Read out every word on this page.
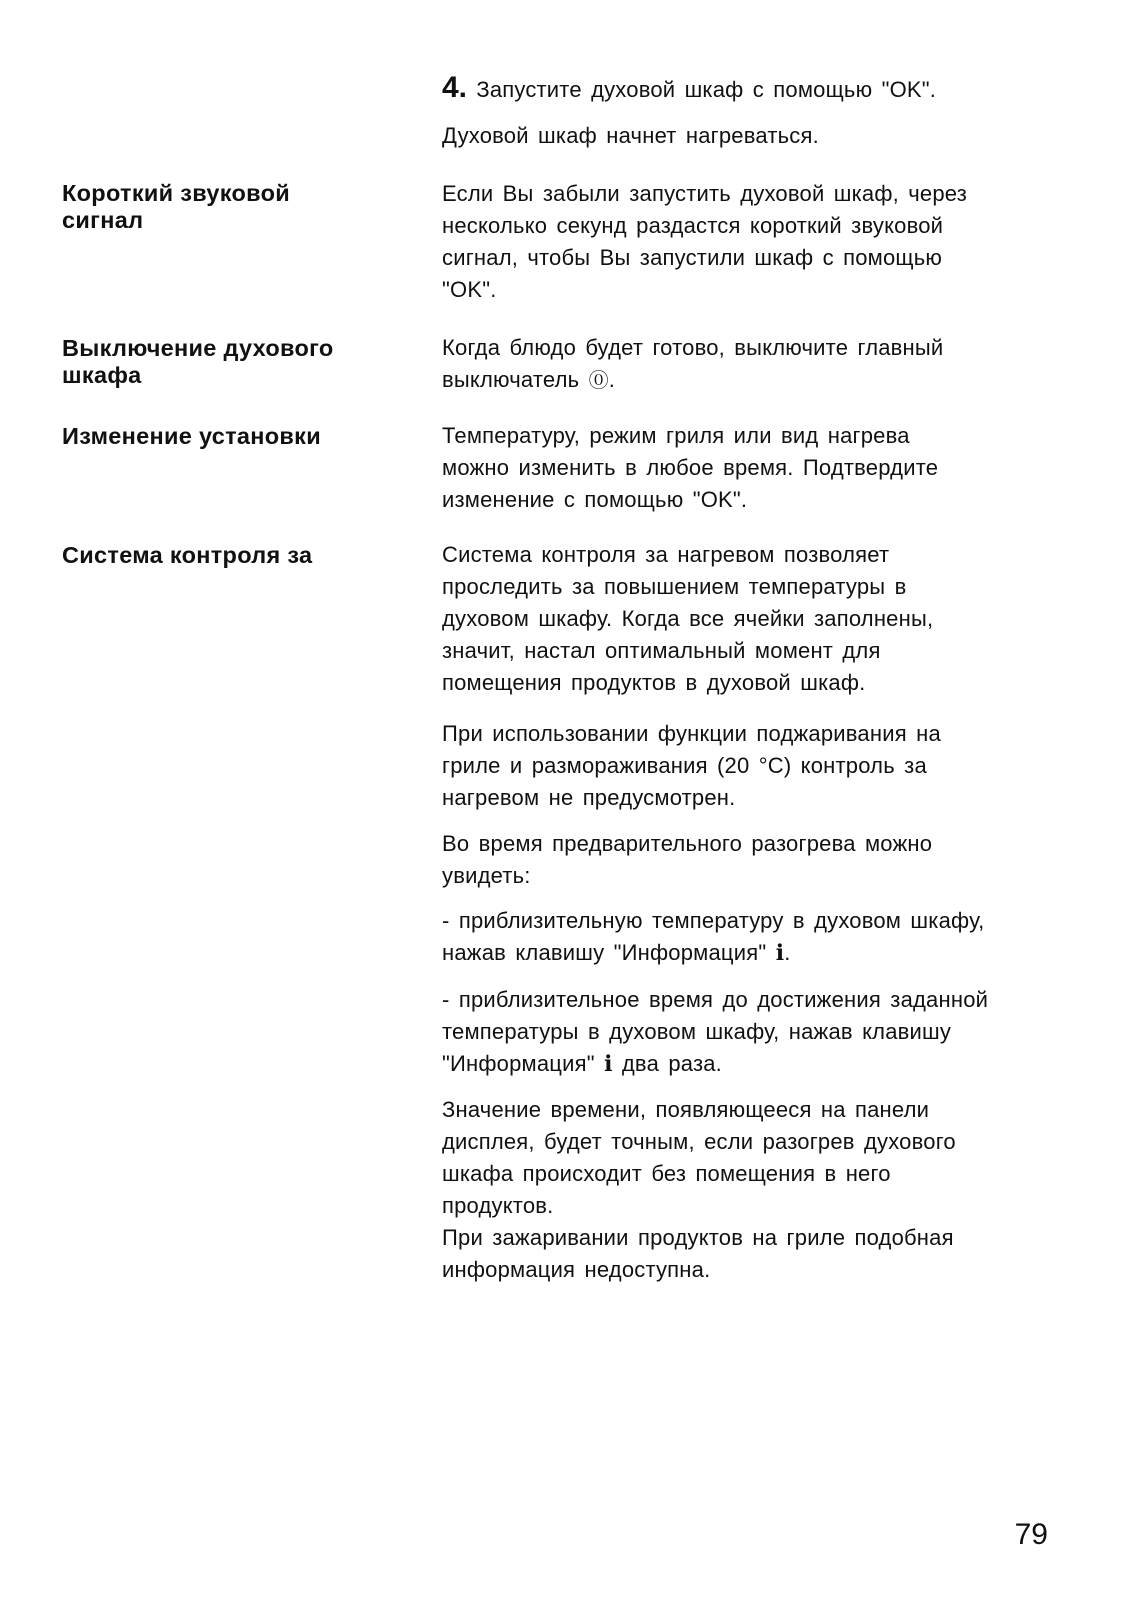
4. Запустите духовой шкаф с помощью "OK".
Духовой шкаф начнет нагреваться.
Короткий звуковой
сигнал
Если Вы забыли запустить духовой шкаф, через
несколько секунд раздастся короткий звуковой
сигнал, чтобы Вы запустили шкаф с помощью
"OK".
Выключение духового
шкафа
Когда блюдо будет готово, выключите главный
выключатель ⓪.
Изменение установки	Температуру, режим гриля или вид нагрева
можно изменить в любое время. Подтвердите
изменение с помощью "OK".
Система контроля за	Система контроля за нагревом позволяет
проследить за повышением температуры в
духовом шкафу. Когда все ячейки заполнены,
значит, настал оптимальный момент для
помещения продуктов в духовой шкаф.
При использовании функции поджаривания на
гриле и размораживания (20 °C) контроль за
нагревом не предусмотрен.
Во время предварительного разогрева можно
увидеть:
- приблизительную температуру в духовом шкафу,
нажав клавишу "Информация" ℹ.
- приблизительное время до достижения заданной
температуры в духовом шкафу, нажав клавишу
"Информация" ℹ два раза.
Значение времени, появляющееся на панели
дисплея, будет точным, если разогрев духового
шкафа происходит без помещения в него
продуктов.
При зажаривании продуктов на гриле подобная
информация недоступна.
79
